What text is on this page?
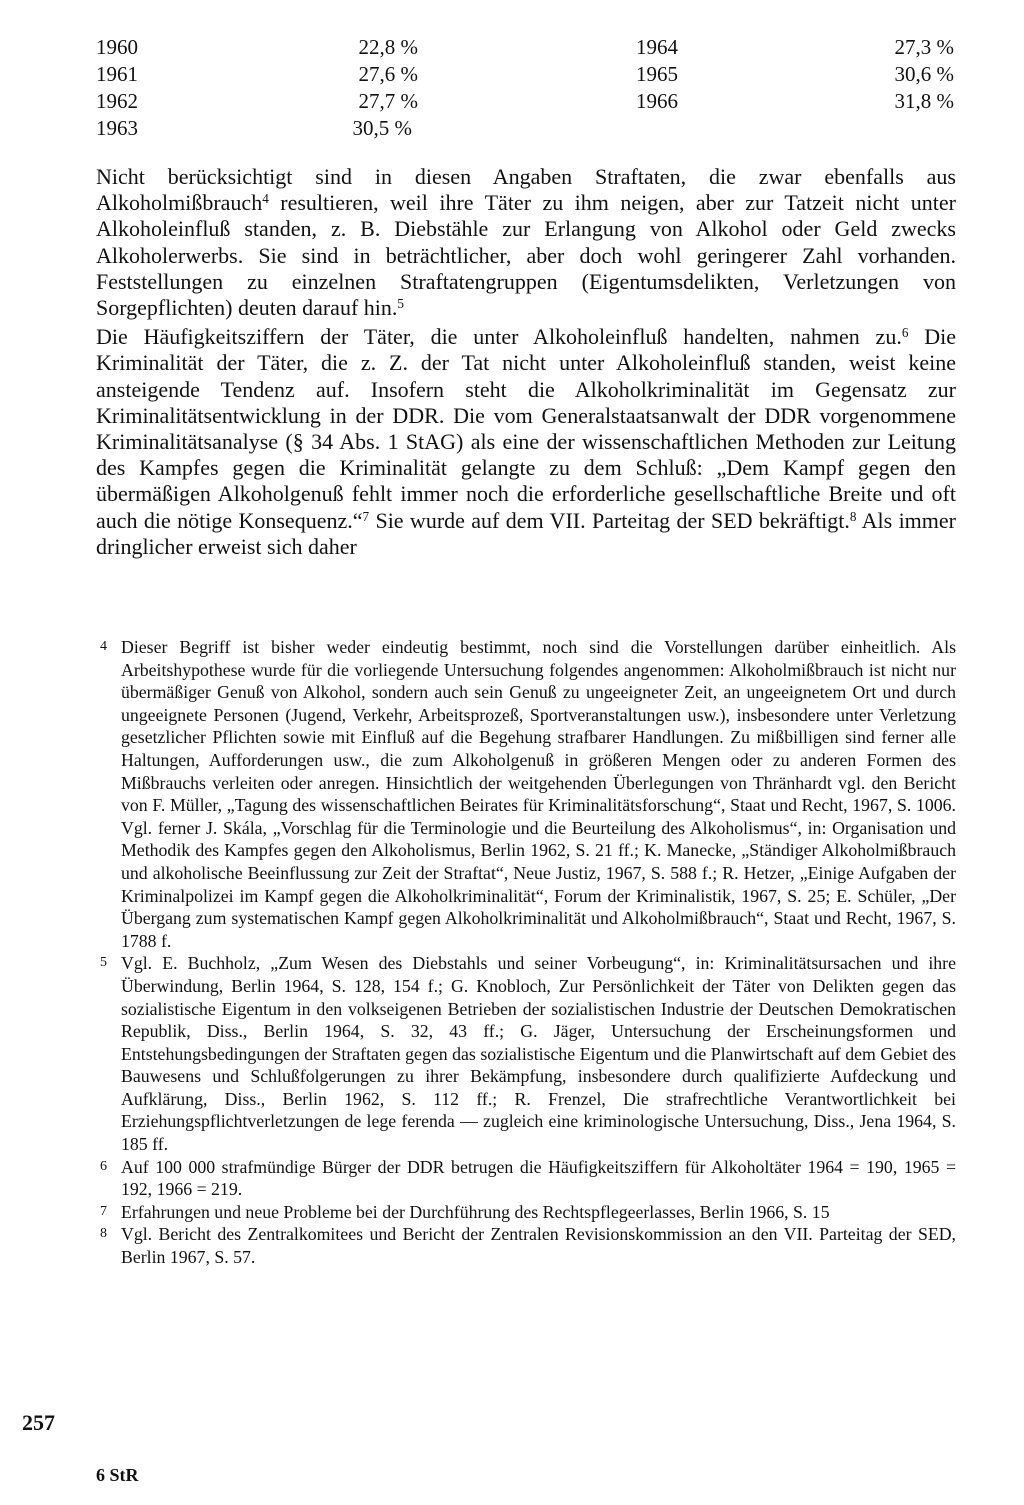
1960	22,8 %
1961	27,6 %
1962	27,7 %
1963	30,5 %
1964	27,3 %
1965	30,6 %
1966	31,8 %

Nicht berücksichtigt sind in diesen Angaben Straftaten, die zwar ebenfalls aus Alkoholmißbrauch$^4$ resultieren, weil ihre Täter zu ihm neigen, aber zur Tatzeit nicht unter Alkoholeinfluß standen, z. B. Diebstähle zur Erlangung von Alkohol oder Geld zwecks Alkoholerwerbs. Sie sind in beträchtlicher, aber doch wohl geringerer Zahl vorhanden. Feststellungen zu einzelnen Straftatengruppen (Eigentumsdelikten, Verletzungen von Sorgepflichten) deuten darauf hin.$^5$

Die Häufigkeitsziffern der Täter, die unter Alkoholeinfluß handelten, nahmen zu.$^6$ Die Kriminalität der Täter, die z. Z. der Tat nicht unter Alkoholeinfluß standen, weist keine ansteigende Tendenz auf. Insofern steht die Alkoholkriminalität im Gegensatz zur Kriminalitätsentwicklung in der DDR. Die vom Generalstaatsanwalt der DDR vorgenommene Kriminalitätsanalyse (§ 34 Abs. 1 StAG) als eine der wissenschaftlichen Methoden zur Leitung des Kampfes gegen die Kriminalität gelangte zu dem Schluß: „Dem Kampf gegen den übermäßigen Alkoholgenuß fehlt immer noch die erforderliche gesellschaftliche Breite und oft auch die nötige Konsequenz.“$^7$ Sie wurde auf dem VII. Parteitag der SED bekräftigt.$^8$ Als immer dringlicher erweist sich daher

4 Dieser Begriff ist bisher weder eindeutig bestimmt, noch sind die Vorstellungen darüber einheitlich. Als Arbeitshypothese wurde für die vorliegende Untersuchung folgendes angenommen: Alkoholmißbrauch ist nicht nur übermäßiger Genuß von Alkohol, sondern auch sein Genuß zu ungeeigneter Zeit, an ungeeignetem Ort und durch ungeeignete Personen (Jugend, Verkehr, Arbeitsprozeß, Sportveranstaltungen usw.), insbesondere unter Verletzung gesetzlicher Pflichten sowie mit Einfluß auf die Begehung strafbarer Handlungen. Zu mißbilligen sind ferner alle Haltungen, Aufforderungen usw., die zum Alkoholgenuß in größeren Mengen oder zu anderen Formen des Mißbrauchs verleiten oder anregen. Hinsichtlich der weitgehenden Überlegungen von Thränhardt vgl. den Bericht von F. Müller, „Tagung des wissenschaftlichen Beirates für Kriminalitätsforschung“, Staat und Recht, 1967, S. 1006. Vgl. ferner J. Skála, „Vorschlag für die Terminologie und die Beurteilung des Alkoholismus“, in: Organisation und Methodik des Kampfes gegen den Alkoholismus, Berlin 1962, S. 21 ff.; K. Manecke, „Ständiger Alkoholmißbrauch und alkoholische Beeinflussung zur Zeit der Straftat“, Neue Justiz, 1967, S. 588 f.; R. Hetzer, „Einige Aufgaben der Kriminalpolizei im Kampf gegen die Alkoholkriminalität“, Forum der Kriminalistik, 1967, S. 25; E. Schüler, „Der Übergang zum systematischen Kampf gegen Alkoholkriminalität und Alkoholmißbrauch“, Staat und Recht, 1967, S. 1788 f.
5 Vgl. E. Buchholz, „Zum Wesen des Diebstahls und seiner Vorbeugung“, in: Kriminalitätsursachen und ihre Überwindung, Berlin 1964, S. 128, 154 f.; G. Knobloch, Zur Persönlichkeit der Täter von Delikten gegen das sozialistische Eigentum in den volkseigenen Betrieben der sozialistischen Industrie der Deutschen Demokratischen Republik, Diss., Berlin 1964, S. 32, 43 ff.; G. Jäger, Untersuchung der Erscheinungsformen und Entstehungsbedingungen der Straftaten gegen das sozialistische Eigentum und die Planwirtschaft auf dem Gebiet des Bauwesens und Schlußfolgerungen zu ihrer Bekämpfung, insbesondere durch qualifizierte Aufdeckung und Aufklärung, Diss., Berlin 1962, S. 112 ff.; R. Frenzel, Die strafrechtliche Verantwortlichkeit bei Erziehungspflichtverletzungen de lege ferenda — zugleich eine kriminologische Untersuchung, Diss., Jena 1964, S. 185 ff.
6 Auf 100 000 strafmündige Bürger der DDR betrugen die Häufigkeitsziffern für Alkoholtäter 1964 = 190, 1965 = 192, 1966 = 219.
7 Erfahrungen und neue Probleme bei der Durchführung des Rechtspflegeerlasses, Berlin 1966, S. 15
8 Vgl. Bericht des Zentralkomitees und Bericht der Zentralen Revisionskommission an den VII. Parteitag der SED, Berlin 1967, S. 57.
257
6 StR
